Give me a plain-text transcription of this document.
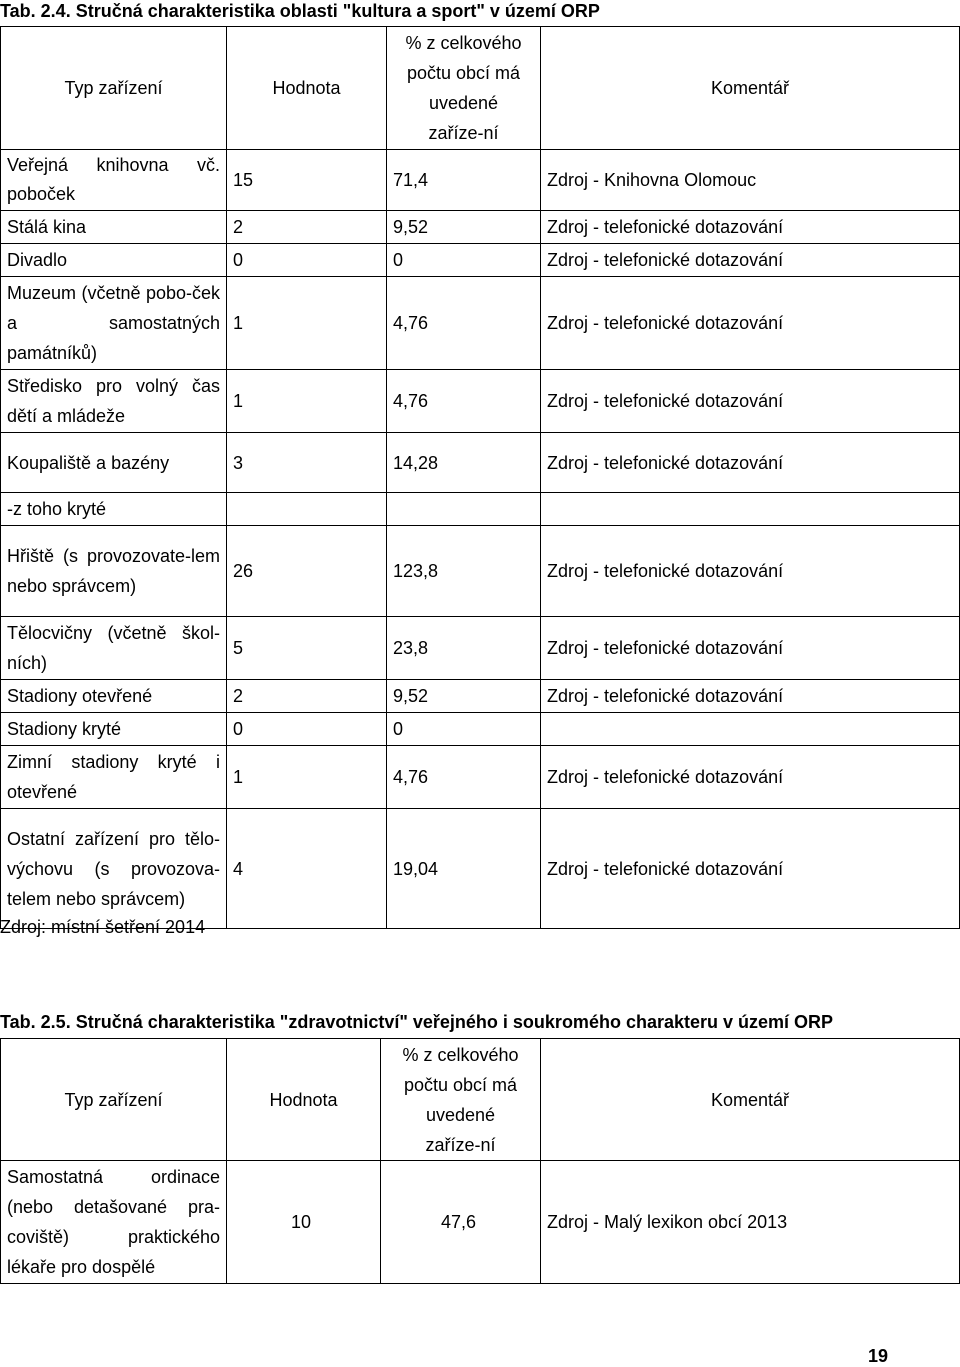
Tab. 2.4. Stručná charakteristika oblasti "kultura a sport" v území ORP
Typ zařízení	Hodnota	% z celkového počtu obcí má uvedené zaříze-ní	Komentář
Veřejná knihovna vč. poboček	15	71,4	Zdroj - Knihovna Olomouc
Stálá kina	2	9,52	Zdroj - telefonické dotazování
Divadlo	0	0	Zdroj - telefonické dotazování
Muzeum (včetně pobo-ček a samostatných památníků)	1	4,76	Zdroj - telefonické dotazování
Středisko pro volný čas dětí a mládeže	1	4,76	Zdroj - telefonické dotazování
Koupaliště a bazény	3	14,28	Zdroj - telefonické dotazování
-z toho kryté			
Hřiště (s provozovate-lem nebo správcem)	26	123,8	Zdroj - telefonické dotazování
Tělocvičny (včetně škol-ních)	5	23,8	Zdroj - telefonické dotazování
Stadiony otevřené	2	9,52	Zdroj - telefonické dotazování
Stadiony kryté	0	0	
Zimní stadiony kryté i otevřené	1	4,76	Zdroj - telefonické dotazování
Ostatní zařízení pro tělo-výchovu (s provozova-telem nebo správcem)	4	19,04	Zdroj - telefonické dotazování
Zdroj: místní šetření 2014
Tab. 2.5. Stručná charakteristika "zdravotnictví" veřejného i soukromého charakteru v území ORP
Typ zařízení	Hodnota	% z celkového počtu obcí má uvedené zaříze-ní	Komentář
Samostatná ordinace (nebo detašované pra-coviště) praktického lékaře pro dospělé	10	47,6	Zdroj - Malý lexikon obcí 2013
19
